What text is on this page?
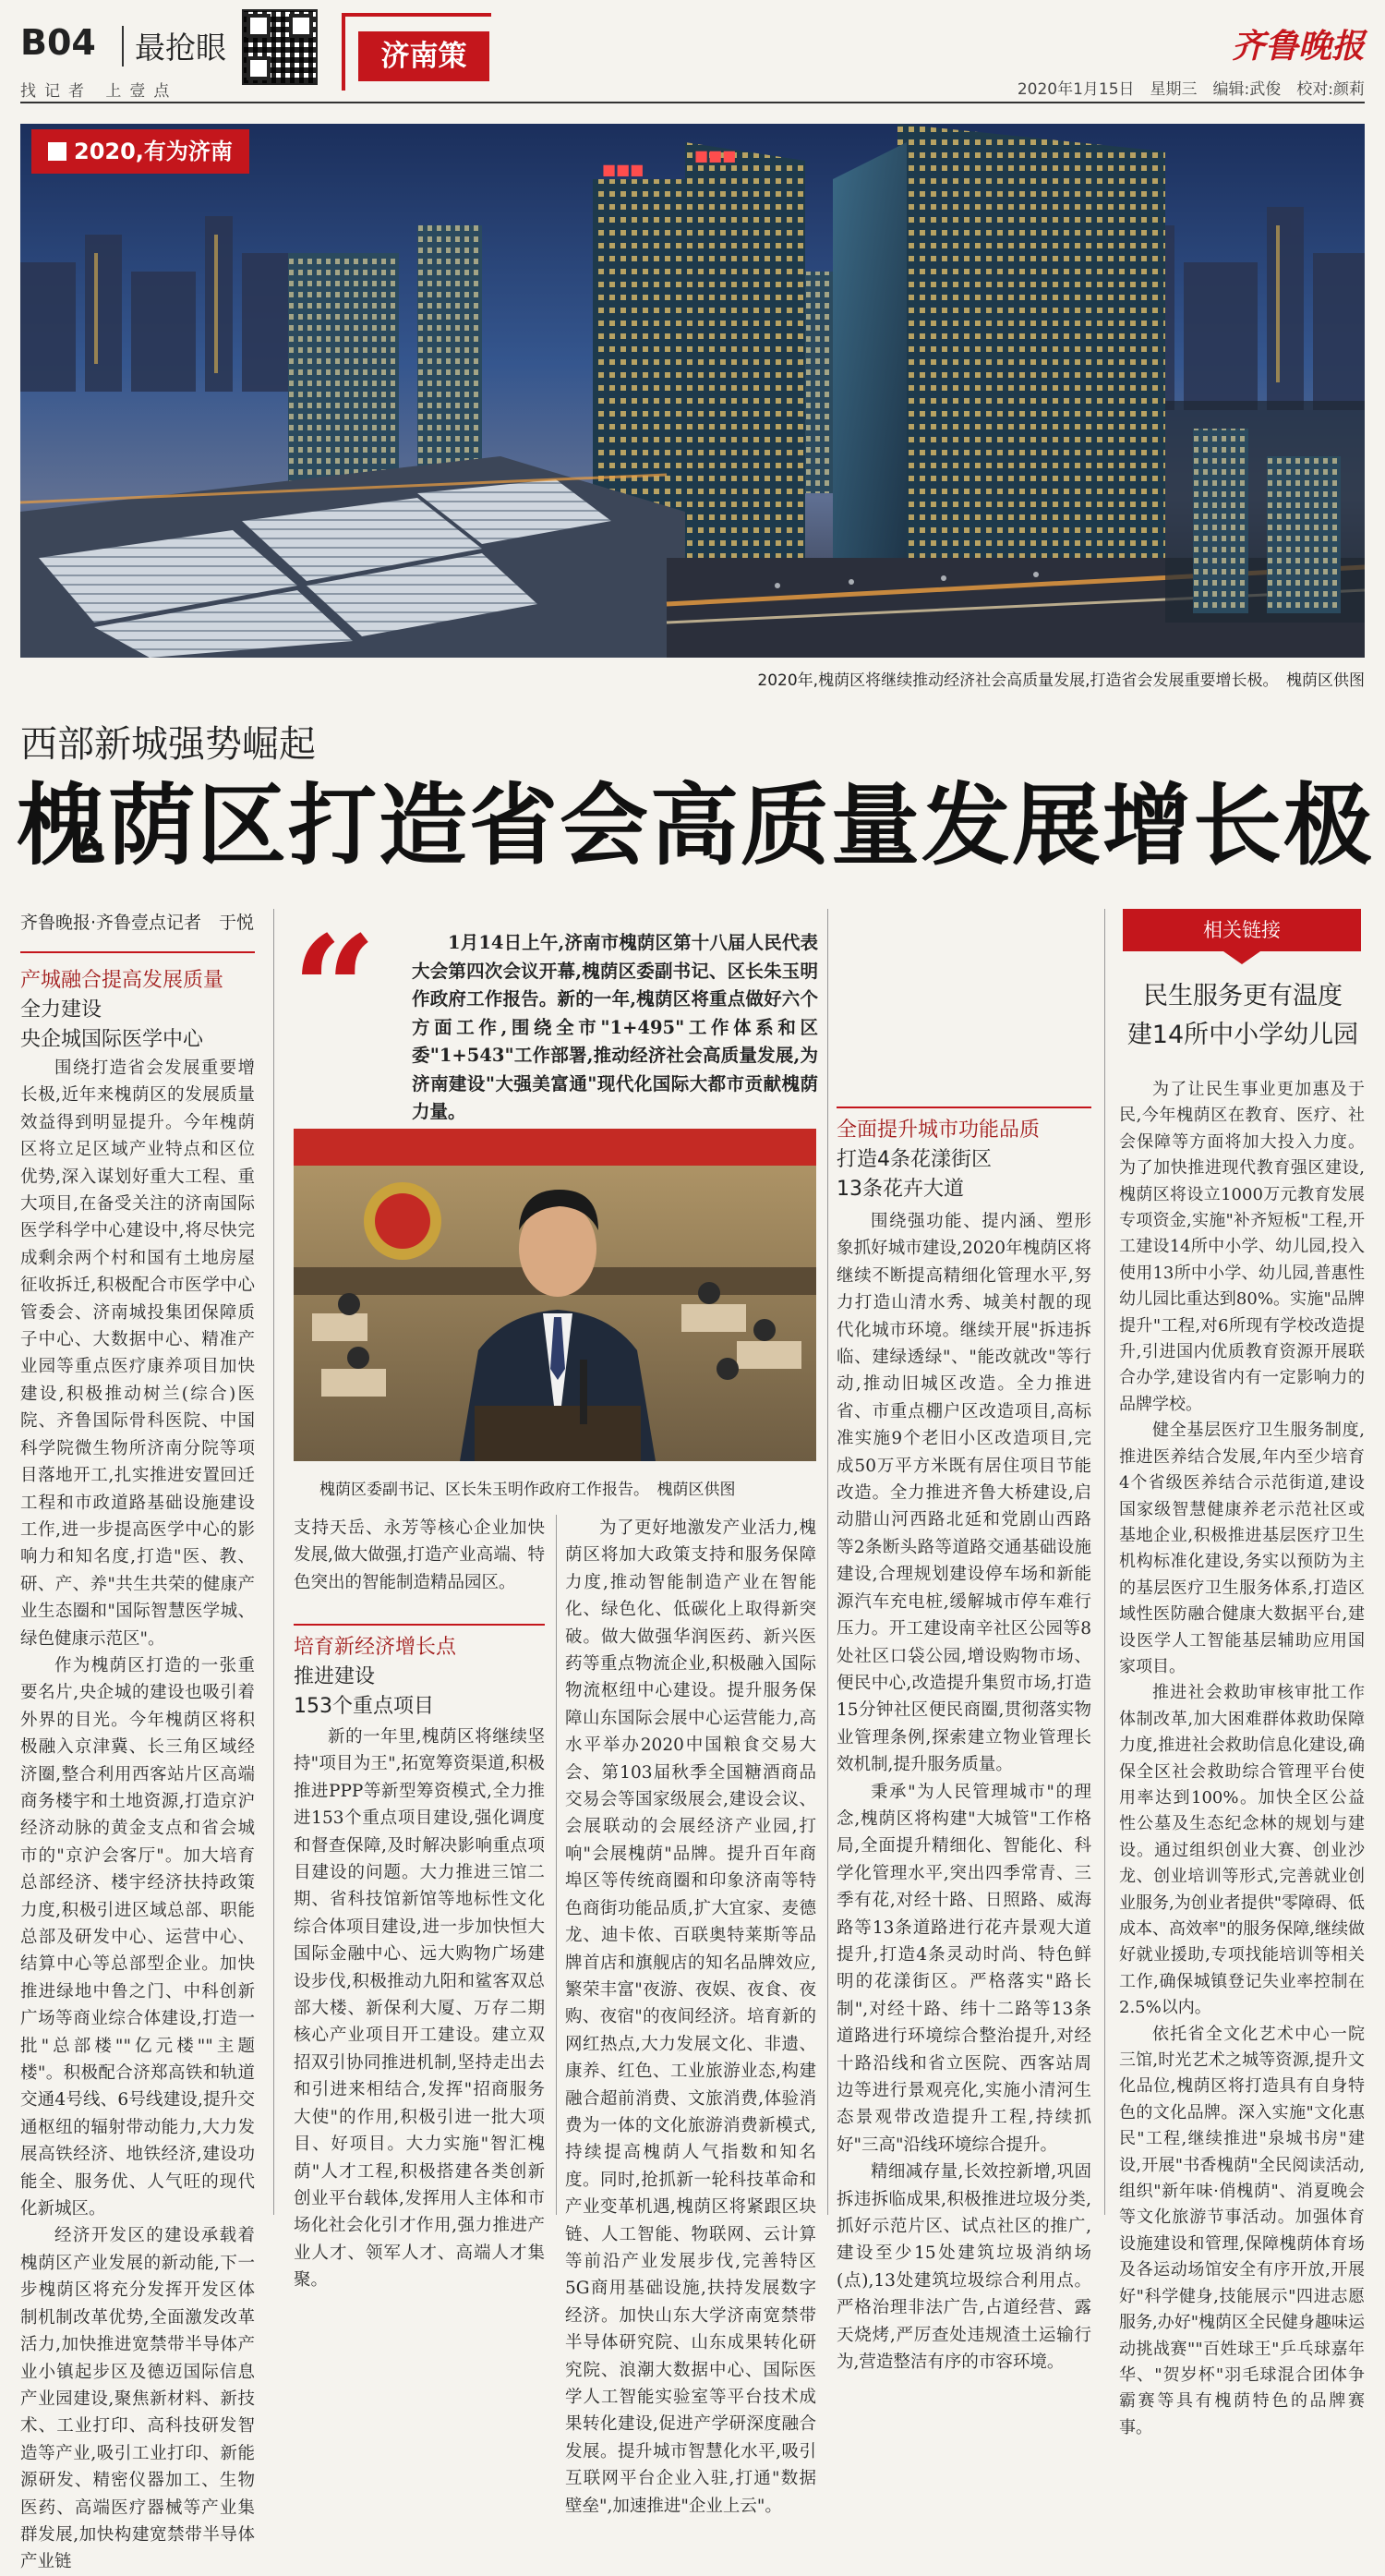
B04 最抢眼
找记者 上壹点
济南策	齐鲁晚报
2020年1月15日　星期三　编辑:武俊　校对:颜莉
■■■
■■■
2020,有为济南
2020年,槐荫区将继续推动经济社会高质量发展,打造省会发展重要增长极。　槐荫区供图
西部新城强势崛起
槐荫区打造省会高质量发展增长极
齐鲁晚报·齐鲁壹点记者　于悦
产城融合提高发展质量
全力建设
央企城国际医学中心

围绕打造省会发展重要增长极,近年来槐荫区的发展质量效益得到明显提升。今年槐荫区将立足区域产业特点和区位优势,深入谋划好重大工程、重大项目,在备受关注的济南国际医学科学中心建设中,将尽快完成剩余两个村和国有土地房屋征收拆迁,积极配合市医学中心管委会、济南城投集团保障质子中心、大数据中心、精准产业园等重点医疗康养项目加快建设,积极推动树兰(综合)医院、齐鲁国际骨科医院、中国科学院微生物所济南分院等项目落地开工,扎实推进安置回迁工程和市政道路基础设施建设工作,进一步提高医学中心的影响力和知名度,打造"医、教、研、产、养"共生共荣的健康产业生态圈和"国际智慧医学城、绿色健康示范区"。

作为槐荫区打造的一张重要名片,央企城的建设也吸引着外界的目光。今年槐荫区将积极融入京津冀、长三角区域经济圈,整合利用西客站片区高端商务楼宇和土地资源,打造京沪经济动脉的黄金支点和省会城市的"京沪会客厅"。加大培育总部经济、楼宇经济扶持政策力度,积极引进区域总部、职能总部及研发中心、运营中心、结算中心等总部型企业。加快推进绿地中鲁之门、中科创新广场等商业综合体建设,打造一批"总部楼""亿元楼""主题楼"。积极配合济郑高铁和轨道交通4号线、6号线建设,提升交通枢纽的辐射带动能力,大力发展高铁经济、地铁经济,建设功能全、服务优、人气旺的现代化新城区。

经济开发区的建设承载着槐荫区产业发展的新动能,下一步槐荫区将充分发挥开发区体制机制改革优势,全面激发改革活力,加快推进宽禁带半导体产业小镇起步区及德迈国际信息产业园建设,聚焦新材料、新技术、工业打印、高科技研发智造等产业,吸引工业打印、新能源研发、精密仪器加工、生物医药、高端医疗器械等产业集群发展,加快构建宽禁带半导体产业链

“	1月14日上午,济南市槐荫区第十八届人民代表大会第四次会议开幕,槐荫区委副书记、区长朱玉明作政府工作报告。新的一年,槐荫区将重点做好六个方面工作,围绕全市"1+495"工作体系和区委"1+543"工作部署,推动经济社会高质量发展,为济南建设"大强美富通"现代化国际大都市贡献槐荫力量。
槐荫区委副书记、区长朱玉明作政府工作报告。　槐荫区供图

支持天岳、永芳等核心企业加快发展,做大做强,打造产业高端、特色突出的智能制造精品园区。

培育新经济增长点
推进建设
153个重点项目

新的一年里,槐荫区将继续坚持"项目为王",拓宽筹资渠道,积极推进PPP等新型筹资模式,全力推进153个重点项目建设,强化调度和督查保障,及时解决影响重点项目建设的问题。大力推进三馆二期、省科技馆新馆等地标性文化综合体项目建设,进一步加快恒大国际金融中心、远大购物广场建设步伐,积极推动九阳和鲨客双总部大楼、新保利大厦、万存二期核心产业项目开工建设。建立双招双引协同推进机制,坚持走出去和引进来相结合,发挥"招商服务大使"的作用,积极引进一批大项目、好项目。大力实施"智汇槐荫"人才工程,积极搭建各类创新创业平台载体,发挥用人主体和市场化社会化引才作用,强力推进产业人才、领军人才、高端人才集聚。

为了更好地激发产业活力,槐荫区将加大政策支持和服务保障力度,推动智能制造产业在智能化、绿色化、低碳化上取得新突破。做大做强华润医药、新兴医药等重点物流企业,积极融入国际物流枢纽中心建设。提升服务保障山东国际会展中心运营能力,高水平举办2020中国粮食交易大会、第103届秋季全国糖酒商品交易会等国家级展会,建设会议、会展联动的会展经济产业园,打响"会展槐荫"品牌。提升百年商埠区等传统商圈和印象济南等特色商街功能品质,扩大宜家、麦德龙、迪卡侬、百联奥特莱斯等品牌首店和旗舰店的知名品牌效应,繁荣丰富"夜游、夜娱、夜食、夜购、夜宿"的夜间经济。培育新的网红热点,大力发展文化、非遗、康养、红色、工业旅游业态,构建融合超前消费、文旅消费,体验消费为一体的文化旅游消费新模式,持续提高槐荫人气指数和知名度。同时,抢抓新一轮科技革命和产业变革机遇,槐荫区将紧跟区块链、人工智能、物联网、云计算等前沿产业发展步伐,完善特区5G商用基础设施,扶持发展数字经济。加快山东大学济南宽禁带半导体研究院、山东成果转化研究院、浪潮大数据中心、国际医学人工智能实验室等平台技术成果转化建设,促进产学研深度融合发展。提升城市智慧化水平,吸引互联网平台企业入驻,打通"数据壁垒",加速推进"企业上云"。

全面提升城市功能品质
打造4条花漾街区
13条花卉大道

围绕强功能、提内涵、塑形象抓好城市建设,2020年槐荫区将继续不断提高精细化管理水平,努力打造山清水秀、城美村靓的现代化城市环境。继续开展"拆违拆临、建绿透绿"、"能改就改"等行动,推动旧城区改造。全力推进省、市重点棚户区改造项目,高标准实施9个老旧小区改造项目,完成50万平方米既有居住项目节能改造。全力推进齐鲁大桥建设,启动腊山河西路北延和党剧山西路等2条断头路等道路交通基础设施建设,合理规划建设停车场和新能源汽车充电桩,缓解城市停车难行压力。开工建设南辛社区公园等8处社区口袋公园,增设购物市场、便民中心,改造提升集贸市场,打造15分钟社区便民商圈,贯彻落实物业管理条例,探索建立物业管理长效机制,提升服务质量。

秉承"为人民管理城市"的理念,槐荫区将构建"大城管"工作格局,全面提升精细化、智能化、科学化管理水平,突出四季常青、三季有花,对经十路、日照路、威海路等13条道路进行花卉景观大道提升,打造4条灵动时尚、特色鲜明的花漾街区。严格落实"路长制",对经十路、纬十二路等13条道路进行环境综合整治提升,对经十路沿线和省立医院、西客站周边等进行景观亮化,实施小清河生态景观带改造提升工程,持续抓好"三高"沿线环境综合提升。

精细减存量,长效控新增,巩固拆违拆临成果,积极推进垃圾分类,抓好示范片区、试点社区的推广,建设至少15处建筑垃圾消纳场(点),13处建筑垃圾综合利用点。严格治理非法广告,占道经营、露天烧烤,严厉查处违规渣土运输行为,营造整洁有序的市容环境。

相关链接
民生服务更有温度
建14所中小学幼儿园

为了让民生事业更加惠及于民,今年槐荫区在教育、医疗、社会保障等方面将加大投入力度。为了加快推进现代教育强区建设,槐荫区将设立1000万元教育发展专项资金,实施"补齐短板"工程,开工建设14所中小学、幼儿园,投入使用13所中小学、幼儿园,普惠性幼儿园比重达到80%。实施"品牌提升"工程,对6所现有学校改造提升,引进国内优质教育资源开展联合办学,建设省内有一定影响力的品牌学校。

健全基层医疗卫生服务制度,推进医养结合发展,年内至少培育4个省级医养结合示范街道,建设国家级智慧健康养老示范社区或基地企业,积极推进基层医疗卫生机构标准化建设,务实以预防为主的基层医疗卫生服务体系,打造区域性医防融合健康大数据平台,建设医学人工智能基层辅助应用国家项目。

推进社会救助审核审批工作体制改革,加大困难群体救助保障力度,推进社会救助信息化建设,确保全区社会救助综合管理平台使用率达到100%。加快全区公益性公墓及生态纪念林的规划与建设。通过组织创业大赛、创业沙龙、创业培训等形式,完善就业创业服务,为创业者提供"零障碍、低成本、高效率"的服务保障,继续做好就业援助,专项找能培训等相关工作,确保城镇登记失业率控制在2.5%以内。

依托省全文化艺术中心一院三馆,时光艺术之城等资源,提升文化品位,槐荫区将打造具有自身特色的文化品牌。深入实施"文化惠民"工程,继续推进"泉城书房"建设,开展"书香槐荫"全民阅读活动,组织"新年味·俏槐荫"、消夏晚会等文化旅游节事活动。加强体育设施建设和管理,保障槐荫体育场及各运动场馆安全有序开放,开展好"科学健身,技能展示"四进志愿服务,办好"槐荫区全民健身趣味运动挑战赛""百姓球王"乒乓球嘉年华、"贺岁杯"羽毛球混合团体争霸赛等具有槐荫特色的品牌赛事。
